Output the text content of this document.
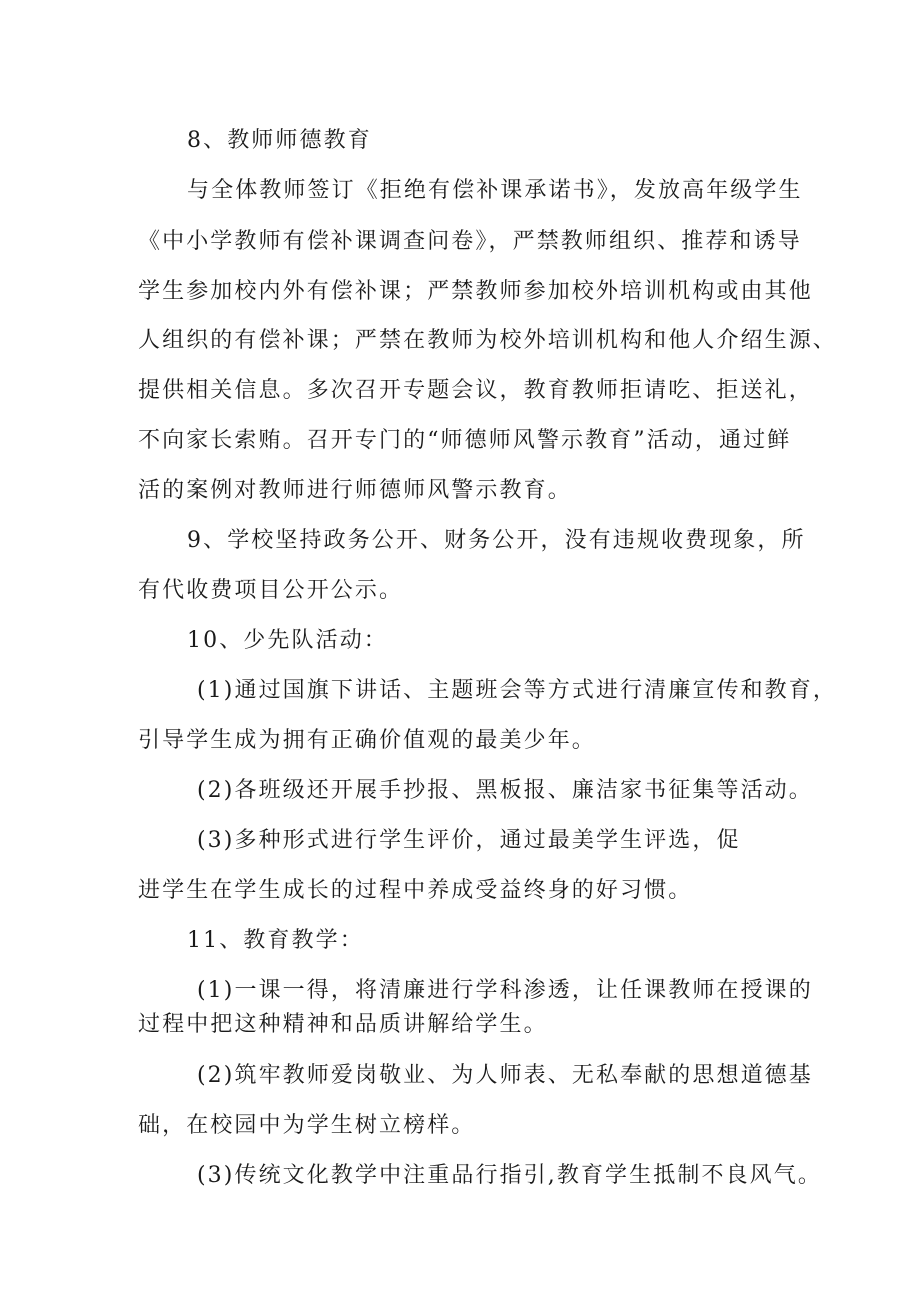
8、教师师德教育

与全体教师签订《拒绝有偿补课承诺书》，发放高年级学生

《中小学教师有偿补课调查问卷》，严禁教师组织、推荐和诱导

学生参加校内外有偿补课；严禁教师参加校外培训机构或由其他

人组织的有偿补课；严禁在教师为校外培训机构和他人介绍生源、

提供相关信息。多次召开专题会议，教育教师拒请吃、拒送礼，

不向家长索贿。召开专门的“师德师风警示教育”活动，通过鲜

活的案例对教师进行师德师风警示教育。

9、学校坚持政务公开、财务公开，没有违规收费现象，所

有代收费项目公开公示。

10、少先队活动：

(1)通过国旗下讲话、主题班会等方式进行清廉宣传和教育，

引导学生成为拥有正确价值观的最美少年。

(2)各班级还开展手抄报、黑板报、廉洁家书征集等活动。

(3)多种形式进行学生评价，通过最美学生评选，促

进学生在学生成长的过程中养成受益终身的好习惯。

11、教育教学：

(1)一课一得，将清廉进行学科渗透，让任课教师在授课的

过程中把这种精神和品质讲解给学生。

(2)筑牢教师爱岗敬业、为人师表、无私奉献的思想道德基

础，在校园中为学生树立榜样。

(3)传统文化教学中注重品行指引,教育学生抵制不良风气。
